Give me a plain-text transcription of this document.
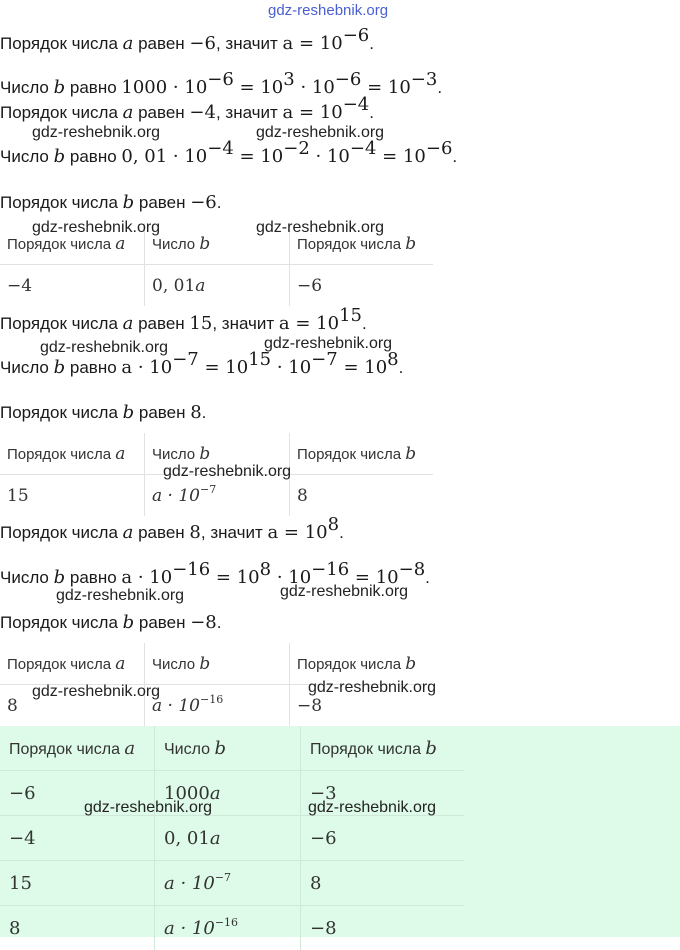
gdz-reshebnik.org
Порядок числа a равен −6, значит $a = 10^{-6}$.
Число b равно $1000 \cdot 10^{-6} = 10^3 \cdot 10^{-6} = 10^{-3}$.
Порядок числа a равен −4, значит $a = 10^{-4}$.
gdz-reshebnik.org	gdz-reshebnik.org
Число b равно 0, $01 \cdot 10^{-4} = 10^{-2} \cdot 10^{-4} = 10^{-6}$.
Порядок числа b равен −6.
Порядок числа a	Число b	Порядок числа b
−4	0, 01a	−6
gdz-reshebnik.org	gdz-reshebnik.org
Порядок числа a равен 15, значит $a = 10^{15}$.
gdz-reshebnik.org	gdz-reshebnik.org
Число b равно $a \cdot 10^{-7} = 10^{15} \cdot 10^{-7} = 10^8$.
Порядок числа b равен 8.
Порядок числа a	Число b	Порядок числа b
15	$a \cdot 10^{-7}$	8
gdz-reshebnik.org
Порядок числа a равен 8, значит $a = 10^8$.
Число b равно $a \cdot 10^{-16} = 10^8 \cdot 10^{-16} = 10^{-8}$.
gdz-reshebnik.org	gdz-reshebnik.org
Порядок числа b равен −8.
Порядок числа a	Число b	Порядок числа b
8	$a \cdot 10^{-16}$	−8
Порядок числа a	Число b	Порядок числа b
−6	1000a	−3
−4	0, 01a	−6
15	$a \cdot 10^{-7}$	8
8	$a \cdot 10^{-16}$	−8
gdz-reshebnik.org	gdz-reshebnik.org
gdz-reshebnik.org	gdz-reshebnik.org
